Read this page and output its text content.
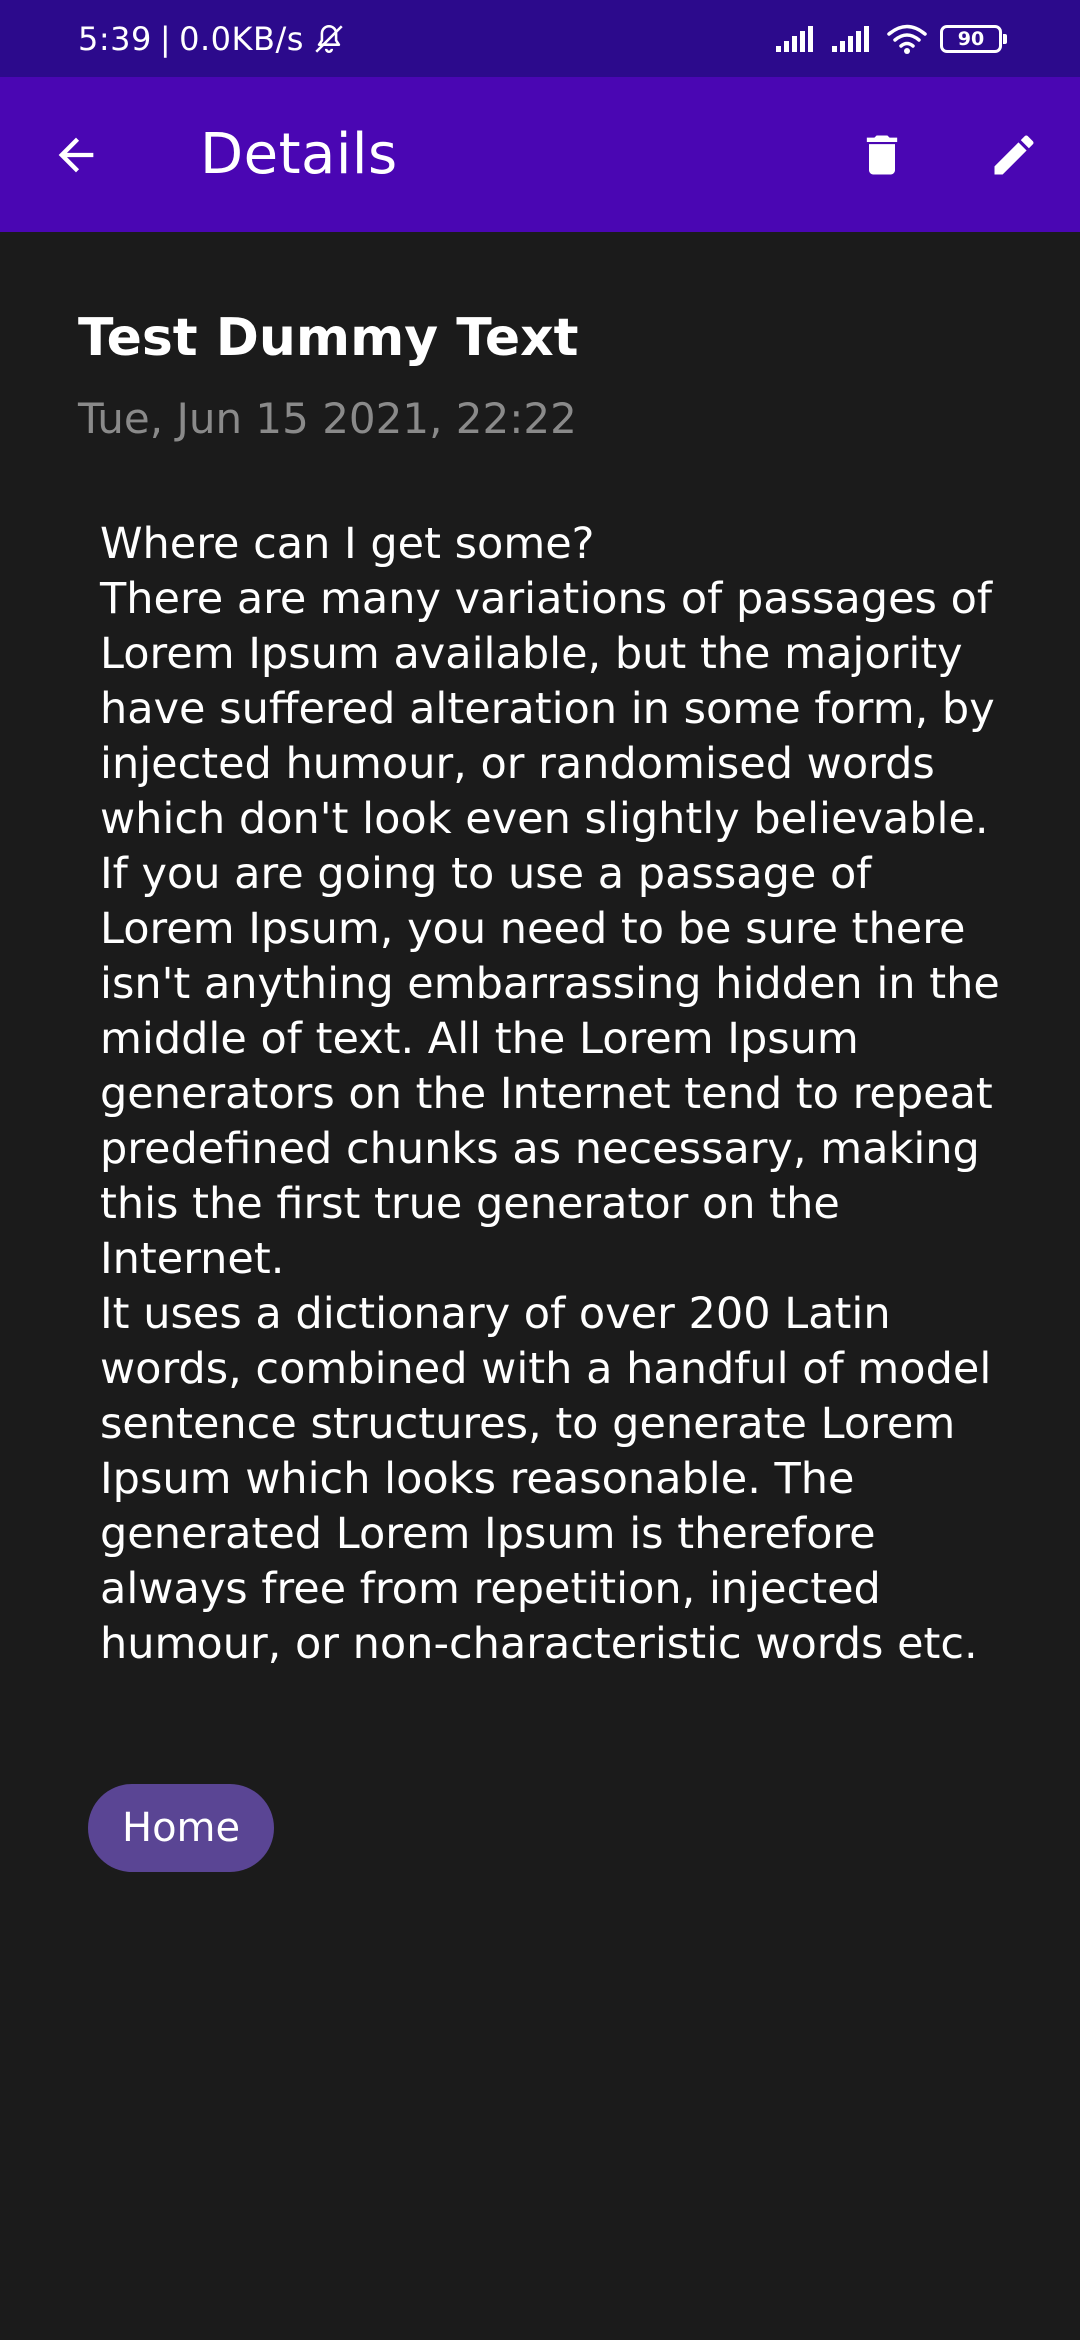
5:39 | 0.0KB/s	90
Details
Test Dummy Text
Tue, Jun 15 2021, 22:22

Where can I get some?
There are many variations of passages of Lorem Ipsum available, but the majority have suffered alteration in some form, by injected humour, or randomised words which don't look even slightly believable. If you are going to use a passage of Lorem Ipsum, you need to be sure there isn't anything embarrassing hidden in the middle of text. All the Lorem Ipsum generators on the Internet tend to repeat predefined chunks as necessary, making this the first true generator on the Internet.
It uses a dictionary of over 200 Latin words, combined with a handful of model sentence structures, to generate Lorem Ipsum which looks reasonable. The generated Lorem Ipsum is therefore always free from repetition, injected humour, or non-characteristic words etc.

Home
